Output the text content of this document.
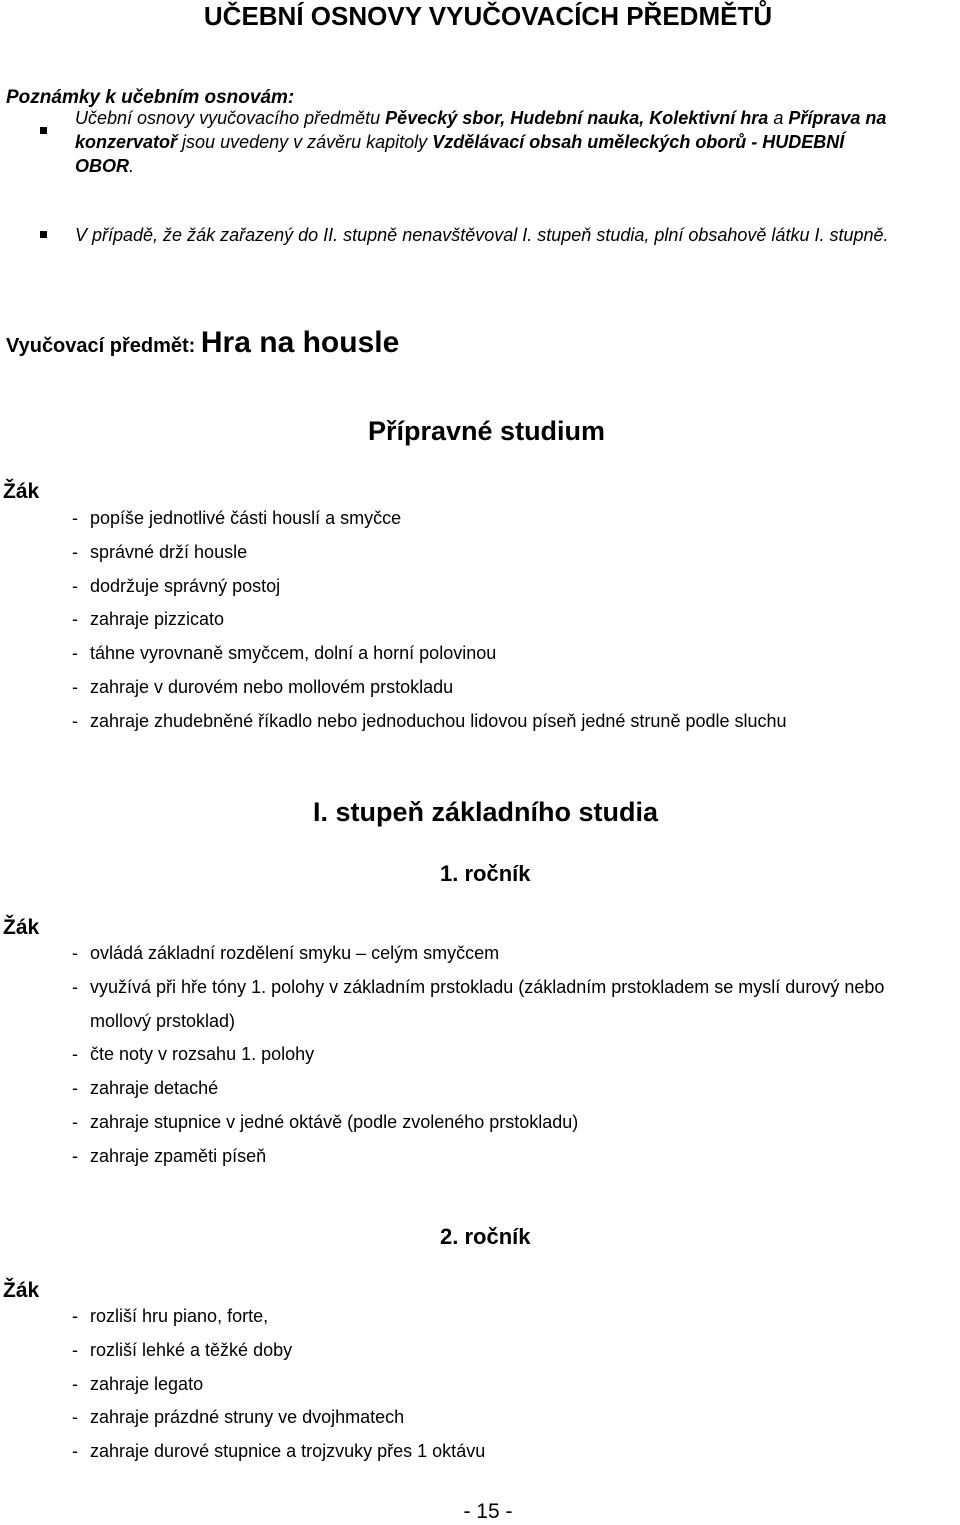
UČEBNÍ OSNOVY VYUČOVACÍCH PŘEDMĚTŮ
Poznámky k učebním osnovám:
Učební osnovy vyučovacího předmětu Pěvecký sbor, Hudební nauka, Kolektivní hra a Příprava na
konzervatoř jsou uvedeny v závěru kapitoly Vzdělávací obsah uměleckých oborů - HUDEBNÍ
OBOR.
V případě, že žák zařazený do II. stupně nenavštěvoval I. stupeň studia, plní obsahově látku I. stupně.
Vyučovací předmět: Hra na housle
Přípravné studium
Žák
- popíše jednotlivé části houslí a smyčce
- správné drží housle
- dodržuje správný postoj
- zahraje pizzicato
- táhne vyrovnaně smyčcem, dolní a horní polovinou
- zahraje v durovém nebo mollovém prstokladu
- zahraje zhudebněné říkadlo nebo jednoduchou lidovou píseň jedné struně podle sluchu
I. stupeň základního studia
1. ročník
Žák
- ovládá základní rozdělení smyku – celým smyčcem
- využívá při hře tóny 1. polohy v základním prstokladu (základním prstokladem se myslí durový nebo
mollový prstoklad)
- čte noty v rozsahu 1. polohy
- zahraje detaché
- zahraje stupnice v jedné oktávě (podle zvoleného prstokladu)
- zahraje zpaměti píseň
2. ročník
Žák
- rozliší hru piano, forte,
- rozliší lehké a těžké doby
- zahraje legato
- zahraje prázdné struny ve dvojhmatech
- zahraje durové stupnice a trojzvuky přes 1 oktávu
- 15 -
